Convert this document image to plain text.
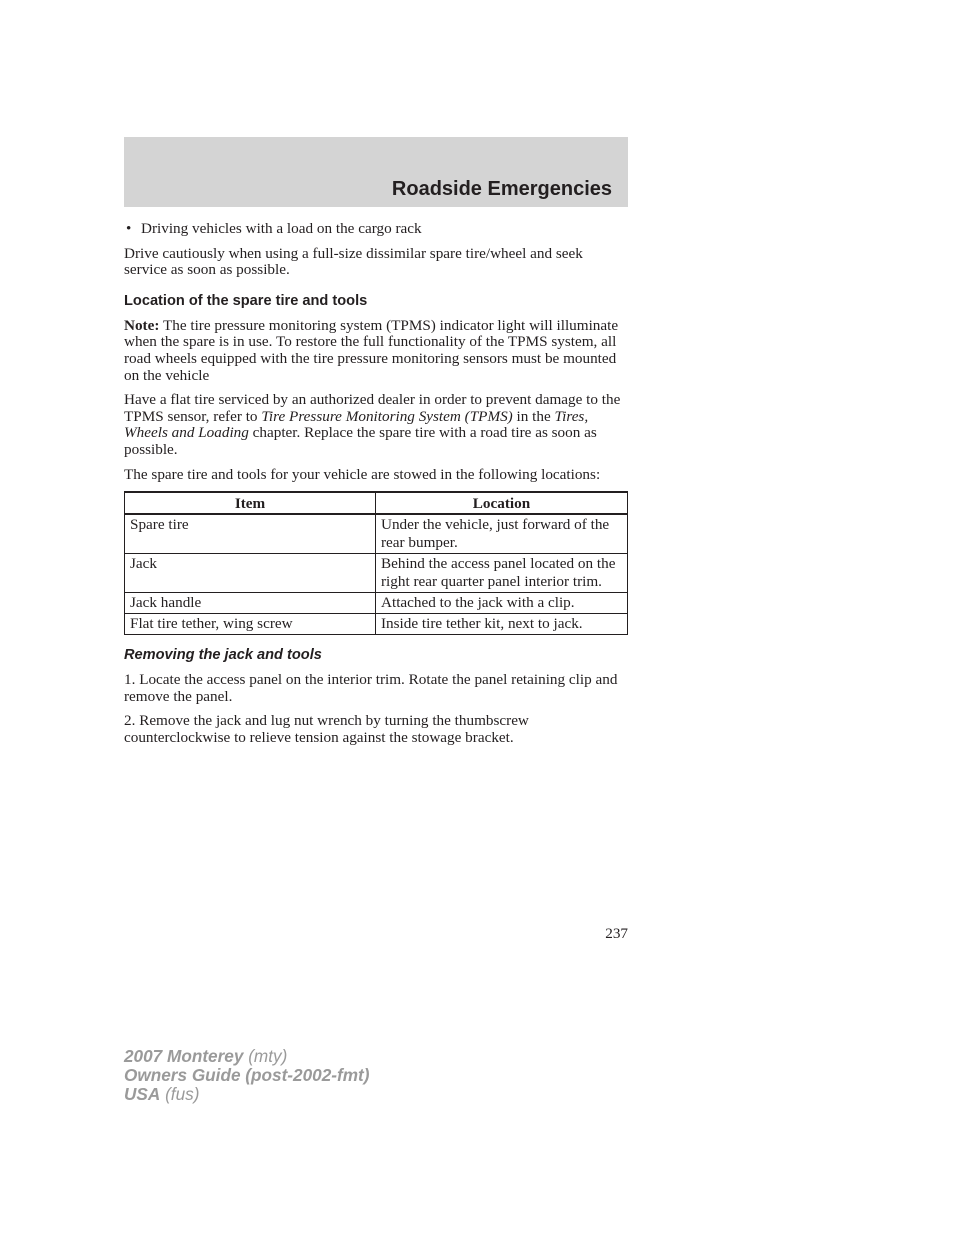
Roadside Emergencies

• Driving vehicles with a load on the cargo rack

Drive cautiously when using a full-size dissimilar spare tire/wheel and seek service as soon as possible.

Location of the spare tire and tools

Note: The tire pressure monitoring system (TPMS) indicator light will illuminate when the spare is in use. To restore the full functionality of the TPMS system, all road wheels equipped with the tire pressure monitoring sensors must be mounted on the vehicle

Have a flat tire serviced by an authorized dealer in order to prevent damage to the TPMS sensor, refer to Tire Pressure Monitoring System (TPMS) in the Tires, Wheels and Loading chapter. Replace the spare tire with a road tire as soon as possible.

The spare tire and tools for your vehicle are stowed in the following locations:

Item	Location
Spare tire	Under the vehicle, just forward of the rear bumper.
Jack	Behind the access panel located on the right rear quarter panel interior trim.
Jack handle	Attached to the jack with a clip.
Flat tire tether, wing screw	Inside tire tether kit, next to jack.
Removing the jack and tools

1. Locate the access panel on the interior trim. Rotate the panel retaining clip and remove the panel.

2. Remove the jack and lug nut wrench by turning the thumbscrew counterclockwise to relieve tension against the stowage bracket.

237
2007 Monterey (mty)
Owners Guide (post-2002-fmt)
USA (fus)
